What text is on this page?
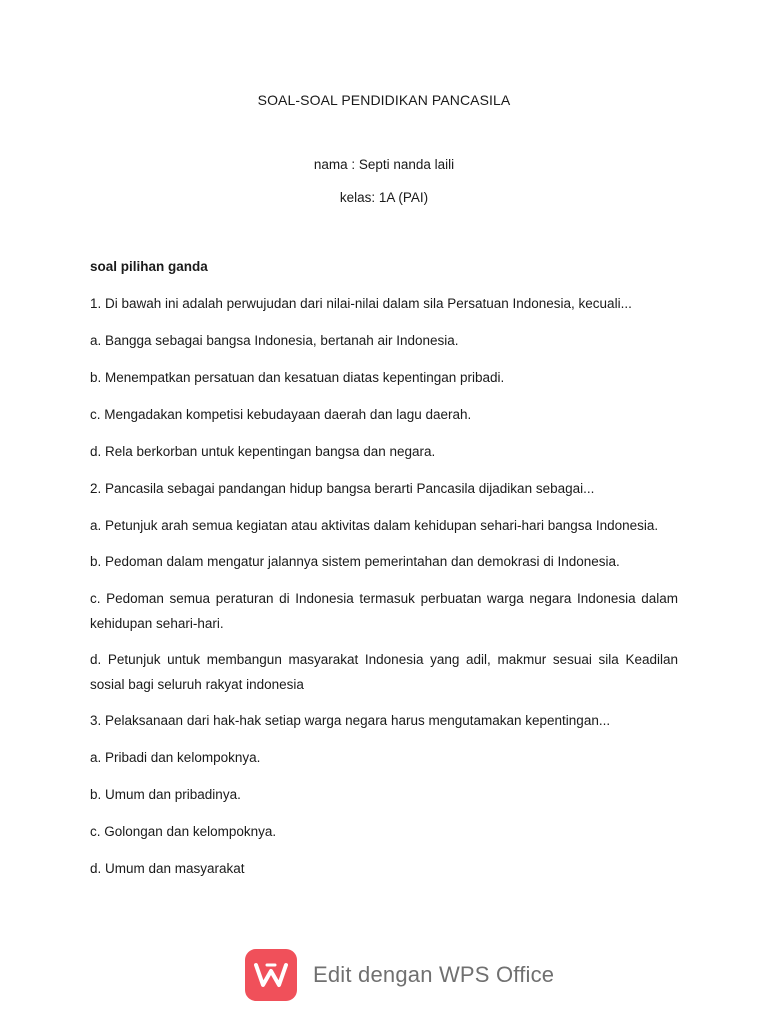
SOAL-SOAL PENDIDIKAN PANCASILA
nama : Septi nanda laili
kelas: 1A (PAI)
soal pilihan ganda

1. Di bawah ini adalah perwujudan dari nilai-nilai dalam sila Persatuan Indonesia, kecuali...

a. Bangga sebagai bangsa Indonesia, bertanah air Indonesia.

b. Menempatkan persatuan dan kesatuan diatas kepentingan pribadi.

c. Mengadakan kompetisi kebudayaan daerah dan lagu daerah.

d. Rela berkorban untuk kepentingan bangsa dan negara.

2. Pancasila sebagai pandangan hidup bangsa berarti Pancasila dijadikan sebagai...

a. Petunjuk arah semua kegiatan atau aktivitas dalam kehidupan sehari-hari bangsa Indonesia.

b. Pedoman dalam mengatur jalannya sistem pemerintahan dan demokrasi di Indonesia.

c. Pedoman semua peraturan di Indonesia termasuk perbuatan warga negara Indonesia dalam kehidupan sehari-hari.

d. Petunjuk untuk membangun masyarakat Indonesia yang adil, makmur sesuai sila Keadilan sosial bagi seluruh rakyat indonesia

3. Pelaksanaan dari hak-hak setiap warga negara harus mengutamakan kepentingan...

a. Pribadi dan kelompoknya.

b. Umum dan pribadinya.

c. Golongan dan kelompoknya.

d. Umum dan masyarakat

Edit dengan WPS Office
